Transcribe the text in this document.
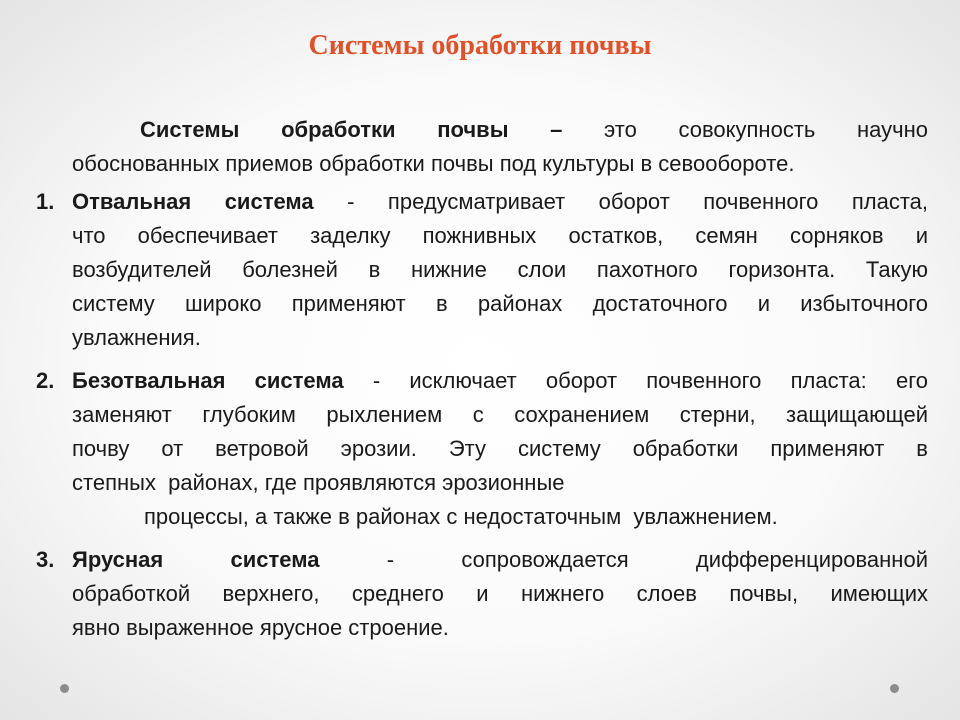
Системы обработки почвы

Системы обработки почвы – это совокупность научно

обоснованных приемов обработки почвы под культуры в севообороте.

1. Отвальная система - предусматривает оборот почвенного пласта,

что обеспечивает заделку пожнивных остатков, семян сорняков и

возбудителей болезней в нижние слои пахотного горизонта. Такую

систему широко применяют в районах достаточного и избыточного

увлажнения.

2. Безотвальная система - исключает оборот почвенного пласта: его

заменяют глубоким рыхлением с сохранением стерни, защищающей

почву от ветровой эрозии. Эту систему обработки применяют в

степных  районах, где проявляются эрозионные

процессы, а также в районах с недостаточным  увлажнением.

3. Ярусная система	- сопровождается дифференцированной

обработкой верхнего, среднего и нижнего слоев почвы, имеющих

явно выраженное ярусное строение.
